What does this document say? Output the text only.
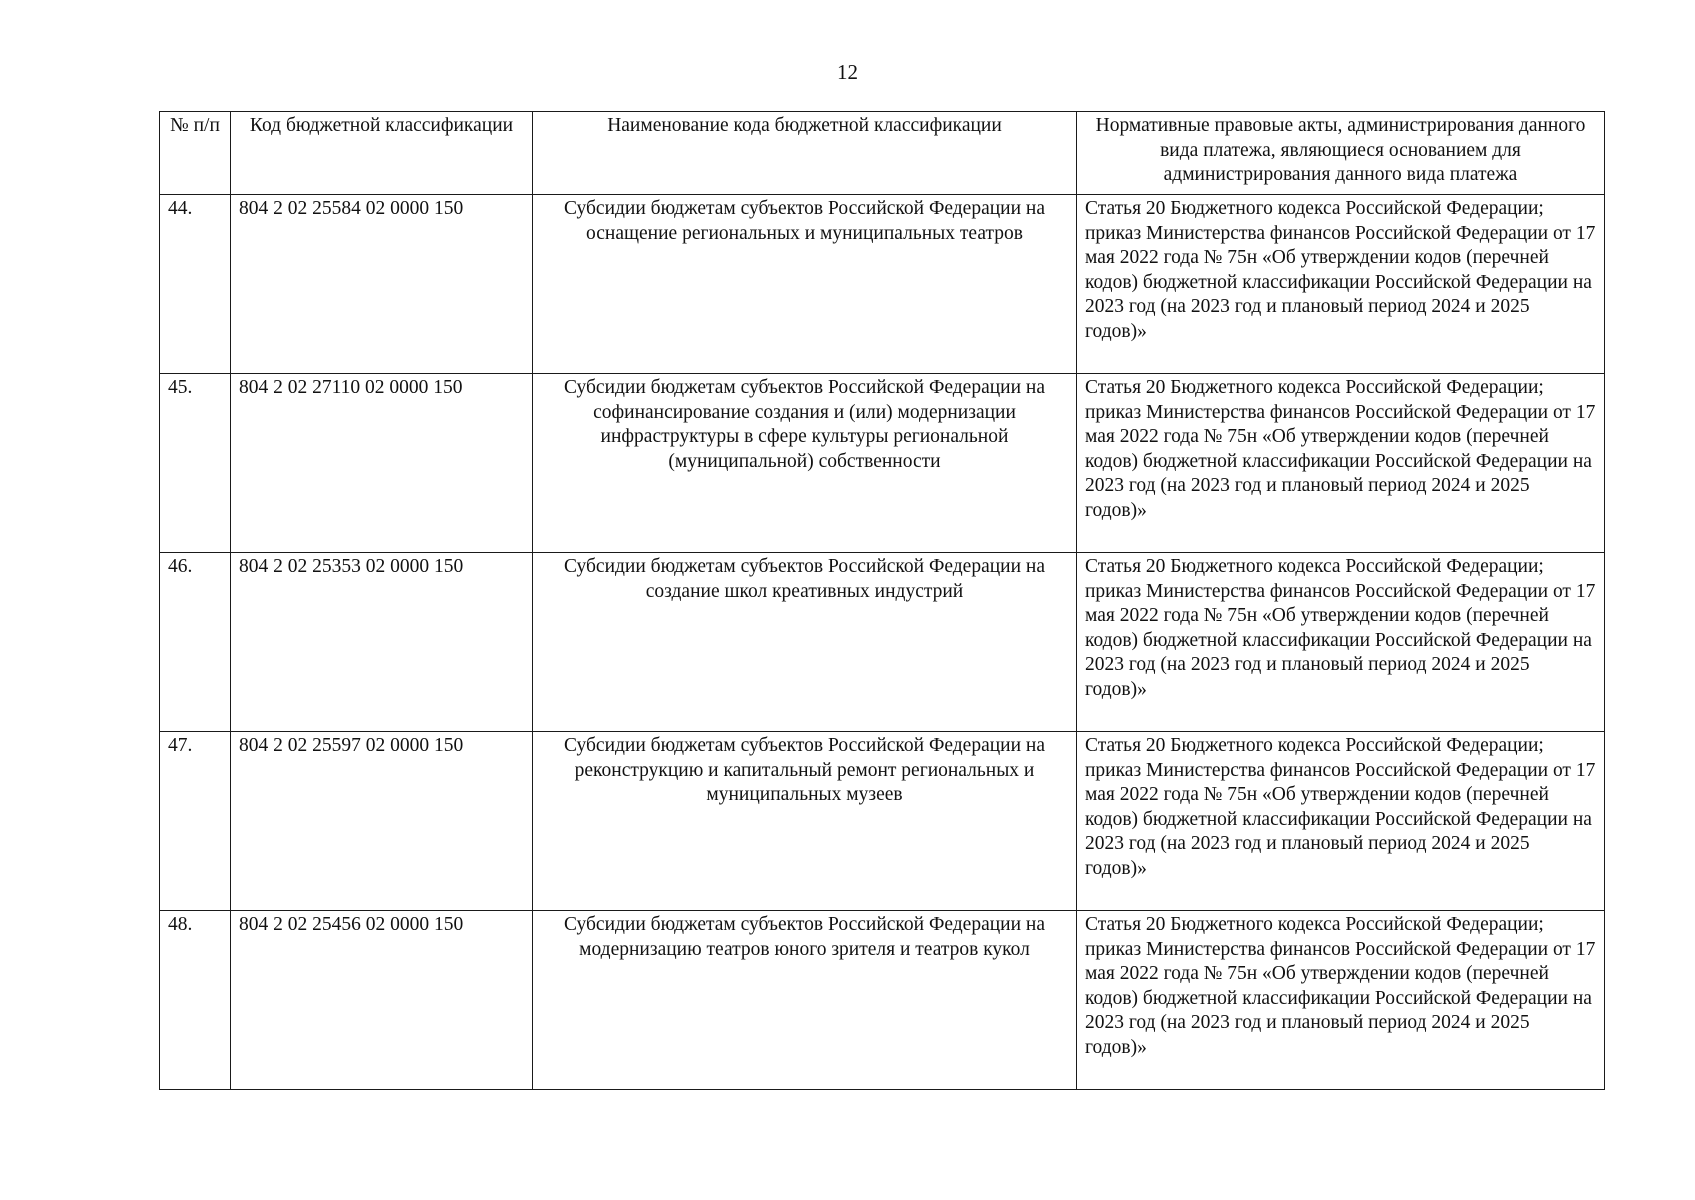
12
№ п/п	Код бюджетной классификации	Наименование кода бюджетной классификации	Нормативные правовые акты, администрирования данного вида платежа, являющиеся основанием для администрирования данного вида платежа
44.	804 2 02 25584 02 0000 150	Субсидии бюджетам субъектов Российской Федерации на оснащение региональных и муниципальных театров	Статья 20 Бюджетного кодекса Российской Федерации; приказ Министерства финансов Российской Федерации от 17 мая 2022 года № 75н «Об утверждении кодов (перечней кодов) бюджетной классификации Российской Федерации на 2023 год (на 2023 год и плановый период 2024 и 2025 годов)»
45.	804 2 02 27110 02 0000 150	Субсидии бюджетам субъектов Российской Федерации на софинансирование создания и (или) модернизации инфраструктуры в сфере культуры региональной (муниципальной) собственности	Статья 20 Бюджетного кодекса Российской Федерации; приказ Министерства финансов Российской Федерации от 17 мая 2022 года № 75н «Об утверждении кодов (перечней кодов) бюджетной классификации Российской Федерации на 2023 год (на 2023 год и плановый период 2024 и 2025 годов)»
46.	804 2 02 25353 02 0000 150	Субсидии бюджетам субъектов Российской Федерации на создание школ креативных индустрий	Статья 20 Бюджетного кодекса Российской Федерации; приказ Министерства финансов Российской Федерации от 17 мая 2022 года № 75н «Об утверждении кодов (перечней кодов) бюджетной классификации Российской Федерации на 2023 год (на 2023 год и плановый период 2024 и 2025 годов)»
47.	804 2 02 25597 02 0000 150	Субсидии бюджетам субъектов Российской Федерации на реконструкцию и капитальный ремонт региональных и муниципальных музеев	Статья 20 Бюджетного кодекса Российской Федерации; приказ Министерства финансов Российской Федерации от 17 мая 2022 года № 75н «Об утверждении кодов (перечней кодов) бюджетной классификации Российской Федерации на 2023 год (на 2023 год и плановый период 2024 и 2025 годов)»
48.	804 2 02 25456 02 0000 150	Субсидии бюджетам субъектов Российской Федерации на модернизацию театров юного зрителя и театров кукол	Статья 20 Бюджетного кодекса Российской Федерации; приказ Министерства финансов Российской Федерации от 17 мая 2022 года № 75н «Об утверждении кодов (перечней кодов) бюджетной классификации Российской Федерации на 2023 год (на 2023 год и плановый период 2024 и 2025 годов)»
